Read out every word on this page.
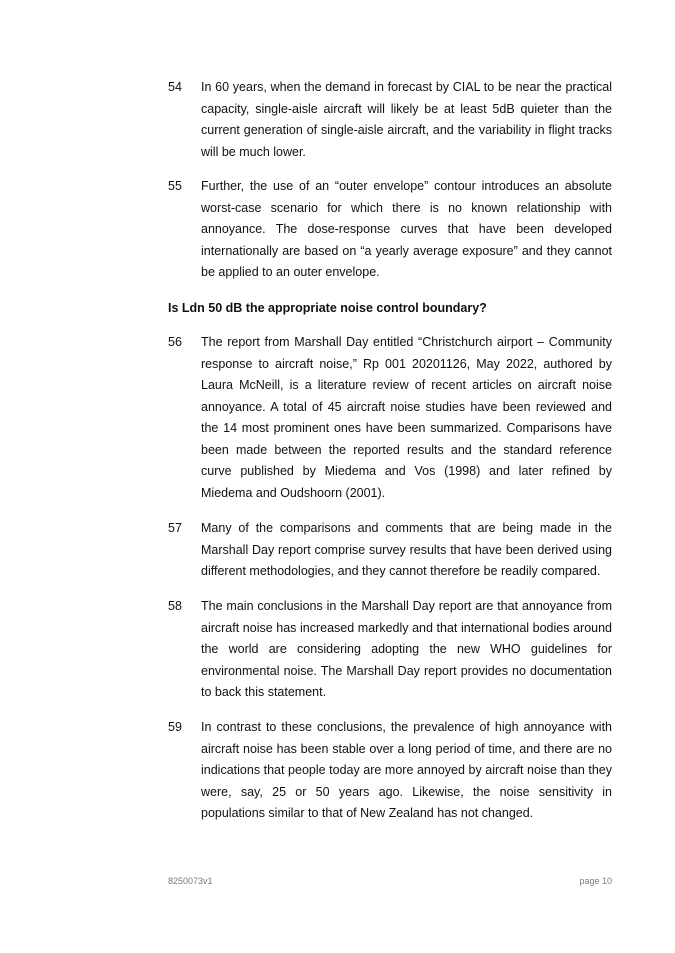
54 In 60 years, when the demand in forecast by CIAL to be near the practical capacity, single-aisle aircraft will likely be at least 5dB quieter than the current generation of single-aisle aircraft, and the variability in flight tracks will be much lower.
55 Further, the use of an “outer envelope” contour introduces an absolute worst-case scenario for which there is no known relationship with annoyance. The dose-response curves that have been developed internationally are based on “a yearly average exposure” and they cannot be applied to an outer envelope.
Is Ldn 50 dB the appropriate noise control boundary?
56 The report from Marshall Day entitled “Christchurch airport – Community response to aircraft noise,” Rp 001 20201126, May 2022, authored by Laura McNeill, is a literature review of recent articles on aircraft noise annoyance. A total of 45 aircraft noise studies have been reviewed and the 14 most prominent ones have been summarized. Comparisons have been made between the reported results and the standard reference curve published by Miedema and Vos (1998) and later refined by Miedema and Oudshoorn (2001).
57 Many of the comparisons and comments that are being made in the Marshall Day report comprise survey results that have been derived using different methodologies, and they cannot therefore be readily compared.
58 The main conclusions in the Marshall Day report are that annoyance from aircraft noise has increased markedly and that international bodies around the world are considering adopting the new WHO guidelines for environmental noise. The Marshall Day report provides no documentation to back this statement.
59 In contrast to these conclusions, the prevalence of high annoyance with aircraft noise has been stable over a long period of time, and there are no indications that people today are more annoyed by aircraft noise than they were, say, 25 or 50 years ago. Likewise, the noise sensitivity in populations similar to that of New Zealand has not changed.
8250073v1	page 10
